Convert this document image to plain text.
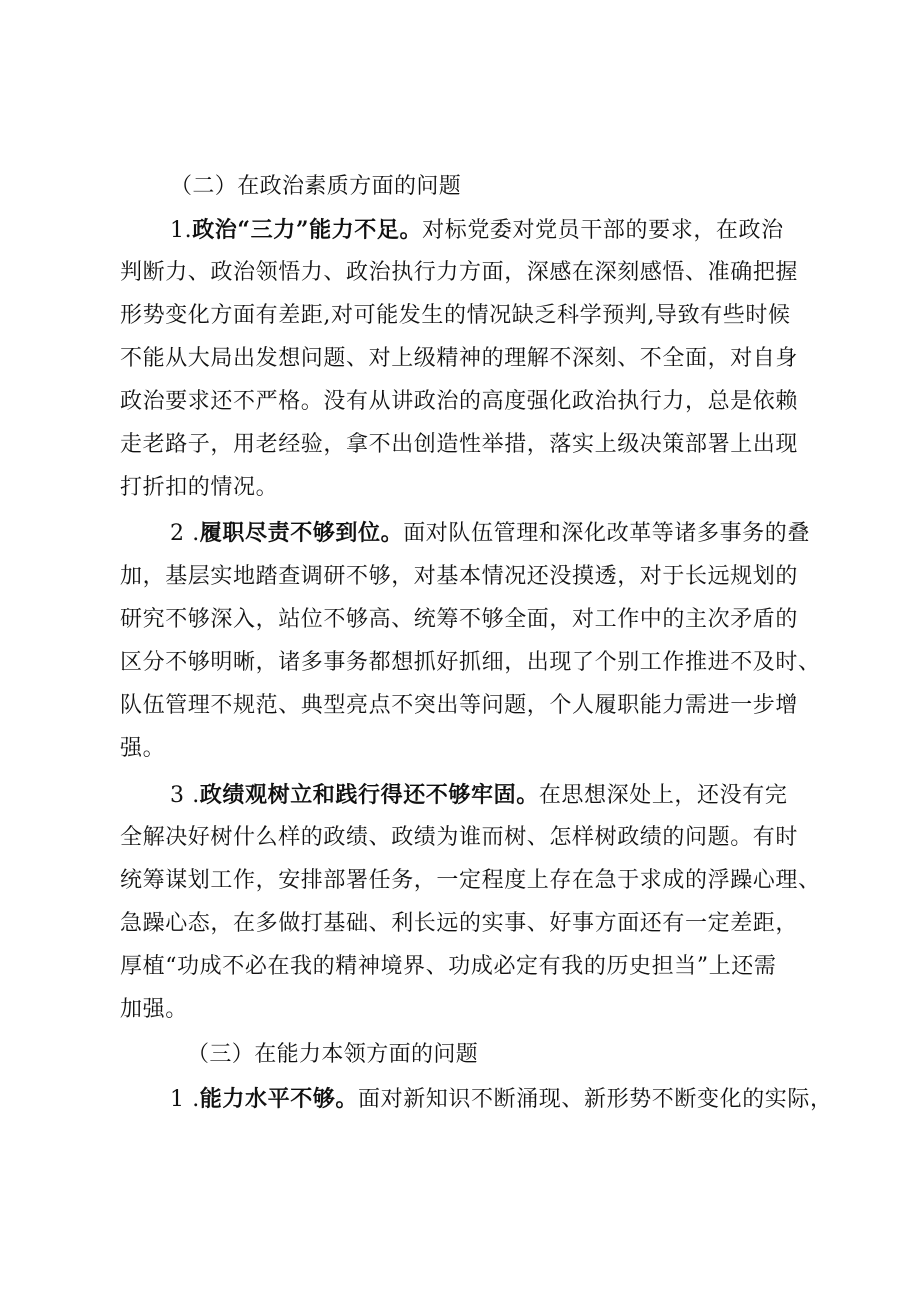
（二）在政治素质方面的问题
1.政治“三力”能力不足。对标党委对党员干部的要求，在政治
判断力、政治领悟力、政治执行力方面，深感在深刻感悟、准确把握
形势变化方面有差距,对可能发生的情况缺乏科学预判,导致有些时候
不能从大局出发想问题、对上级精神的理解不深刻、不全面，对自身
政治要求还不严格。没有从讲政治的高度强化政治执行力，总是依赖
走老路子，用老经验，拿不出创造性举措，落实上级决策部署上出现
打折扣的情况。
2 .履职尽责不够到位。面对队伍管理和深化改革等诸多事务的叠
加，基层实地踏查调研不够，对基本情况还没摸透，对于长远规划的
研究不够深入，站位不够高、统筹不够全面，对工作中的主次矛盾的
区分不够明晰，诸多事务都想抓好抓细，出现了个别工作推进不及时、
队伍管理不规范、典型亮点不突出等问题，个人履职能力需进一步增
强。
3 .政绩观树立和践行得还不够牢固。在思想深处上，还没有完
全解决好树什么样的政绩、政绩为谁而树、怎样树政绩的问题。有时
统筹谋划工作，安排部署任务，一定程度上存在急于求成的浮躁心理、
急躁心态，在多做打基础、利长远的实事、好事方面还有一定差距，
厚植“功成不必在我的精神境界、功成必定有我的历史担当”上还需
加强。
（三）在能力本领方面的问题
1 .能力水平不够。面对新知识不断涌现、新形势不断变化的实际，
